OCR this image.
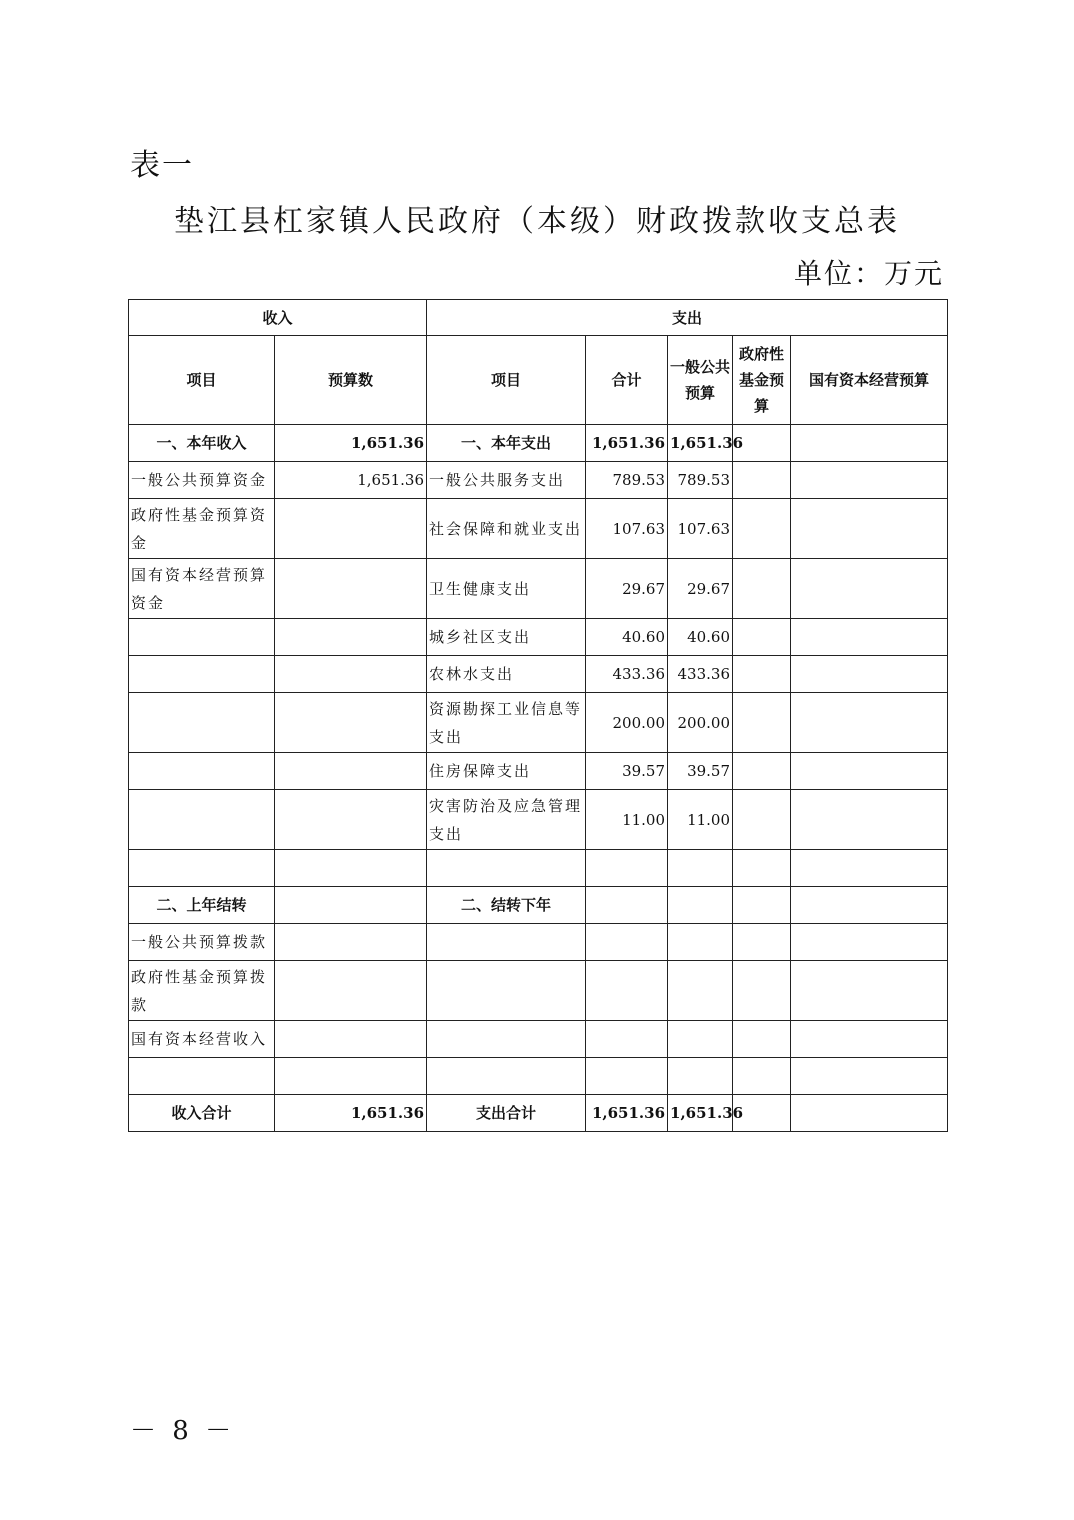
表一
垫江县杠家镇人民政府（本级）财政拨款收支总表
单位：万元
收入		支出				
项目	预算数	项目	合计	一般公共预算	政府性基金预算	国有资本经营预算
一、本年收入	1,651.36	一、本年支出	1,651.36	1,651.36		
一般公共预算资金	1,651.36	一般公共服务支出	789.53	789.53		
政府性基金预算资金		社会保障和就业支出	107.63	107.63		
国有资本经营预算资金		卫生健康支出	29.67	29.67		
		城乡社区支出	40.60	40.60		
		农林水支出	433.36	433.36		
		资源勘探工业信息等支出	200.00	200.00		
		住房保障支出	39.57	39.57		
		灾害防治及应急管理支出	11.00	11.00		

二、上年结转		二、结转下年				
一般公共预算拨款						
政府性基金预算拨款						
国有资本经营收入						

收入合计	1,651.36	支出合计	1,651.36	1,651.36		
－ 8 －
